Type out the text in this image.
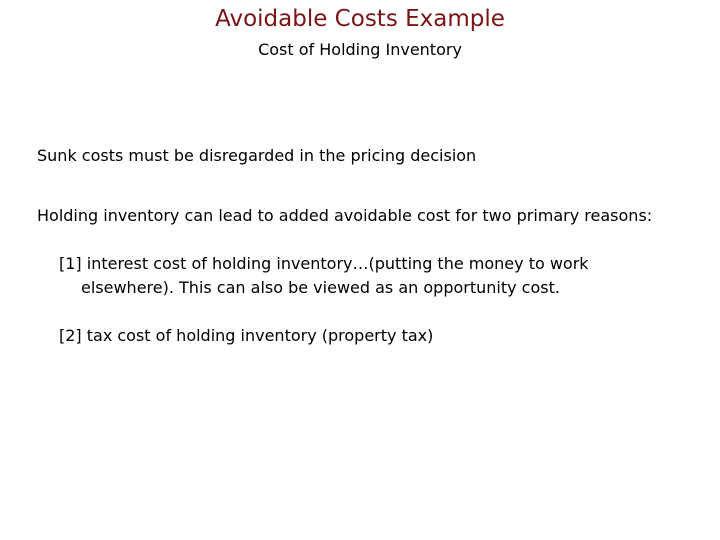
Avoidable Costs Example
Cost of Holding Inventory
Sunk costs must be disregarded in the pricing decision
Holding inventory can lead to added avoidable cost for two primary reasons:
[1] interest cost of holding inventory…(putting the money to work
elsewhere). This can also be viewed as an opportunity cost.
[2] tax cost of holding inventory (property tax)
